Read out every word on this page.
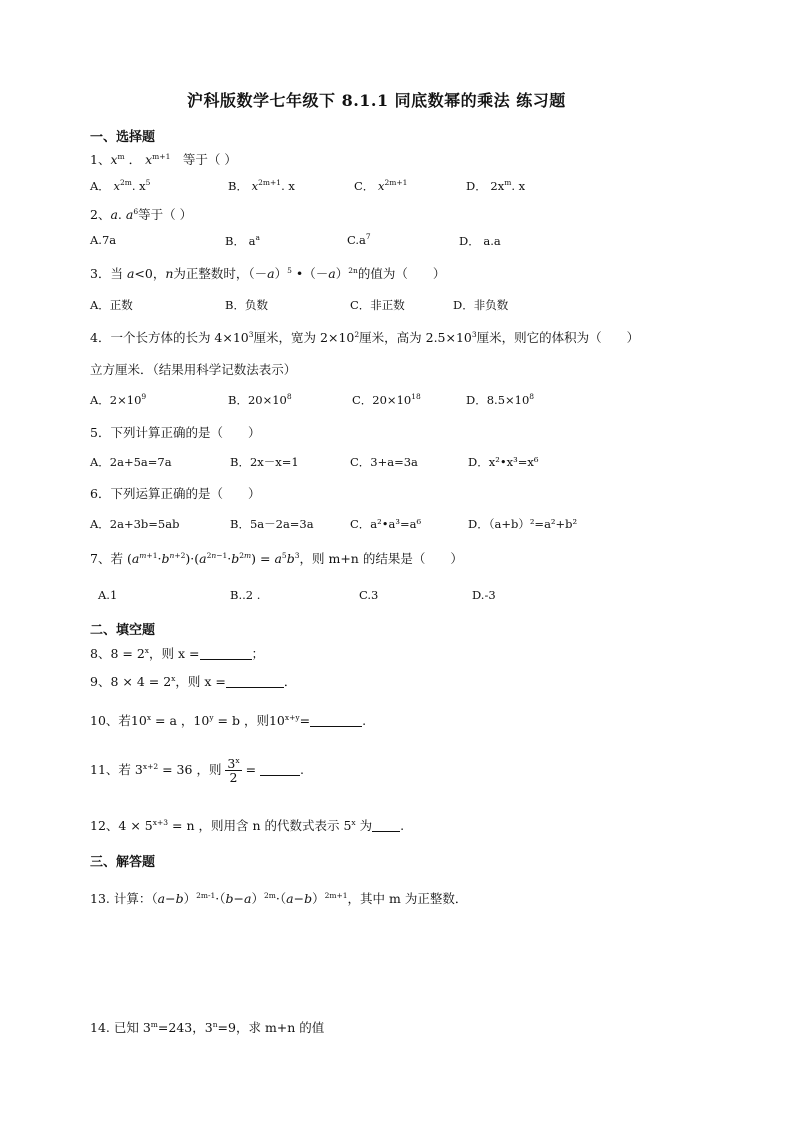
沪科版数学七年级下 8.1.1 同底数幂的乘法 练习题
一、选择题
1、$x^m$ ． $x^{m+1}$　等于（ ）
A． $x^{2m}$. $x^5$	B． $x^{2m+1}$. x	C． $x^{2m+1}$	D． $2x^m$. x
2、a. $a^6$等于（ ）
A.7a	B． $a^a$	$C.a^7$	D． a.a
3．当 a<0，n为正整数时，$(-a)^5$ $•(-a)^{2n}$的值为（　　）
A．正数	B．负数	C．非正数	D．非负数
4．一个长方体的长为 $4\times 10^3$厘米，宽为 $2\times 10^2$厘米，高为 $2.5\times 10^3$厘米，则它的体积为（　　）
立方厘米．（结果用科学记数法表示）
A．$2\times 10^9$	B．$20\times 10^8$	C．$20\times 10^{18}$	D．$8.5\times 10^8$
5．下列计算正确的是（　　）
A．2a+5a=7a	B．2x－x=1	C．3+a=3a	D．x²•x³=x⁶
6．下列运算正确的是（　　）
A．2a+3b=5ab	B．5a－2a=3a	C．a²•a³=a⁶	D．（a+b）²=a²+b²
7、若 $(a^{m+1}\cdot b^{n+2})\cdot(a^{2n-1}\cdot b^{2m}) = a^5b^3$，则 m+n 的结果是（　　）
A.1	B..2 .	C.3	D.-3
二、填空题
8、$8 = 2^x$，则 x =	；
9、$8 \times 4 = 2^x$，则 x =	．
10、若$10^x = a$ ，$10^y = b$ ，则$10^{x+y}=$	.
11、若 $3^{x+2} = 36$ ，则 $\frac{3^x}{2}$ =	.
12、$4 \times 5^{x+3} = n$ ，则用含 n 的代数式表示 5$^x$ 为 .
三、解答题
13. 计算：$(a-b)^{2m-1}\cdot(b-a)^{2m}\cdot(a-b)^{2m+1}$，其中 m 为正整数．
14. 已知 $3^m=243$，$3^n=9$，求 m+n 的值
